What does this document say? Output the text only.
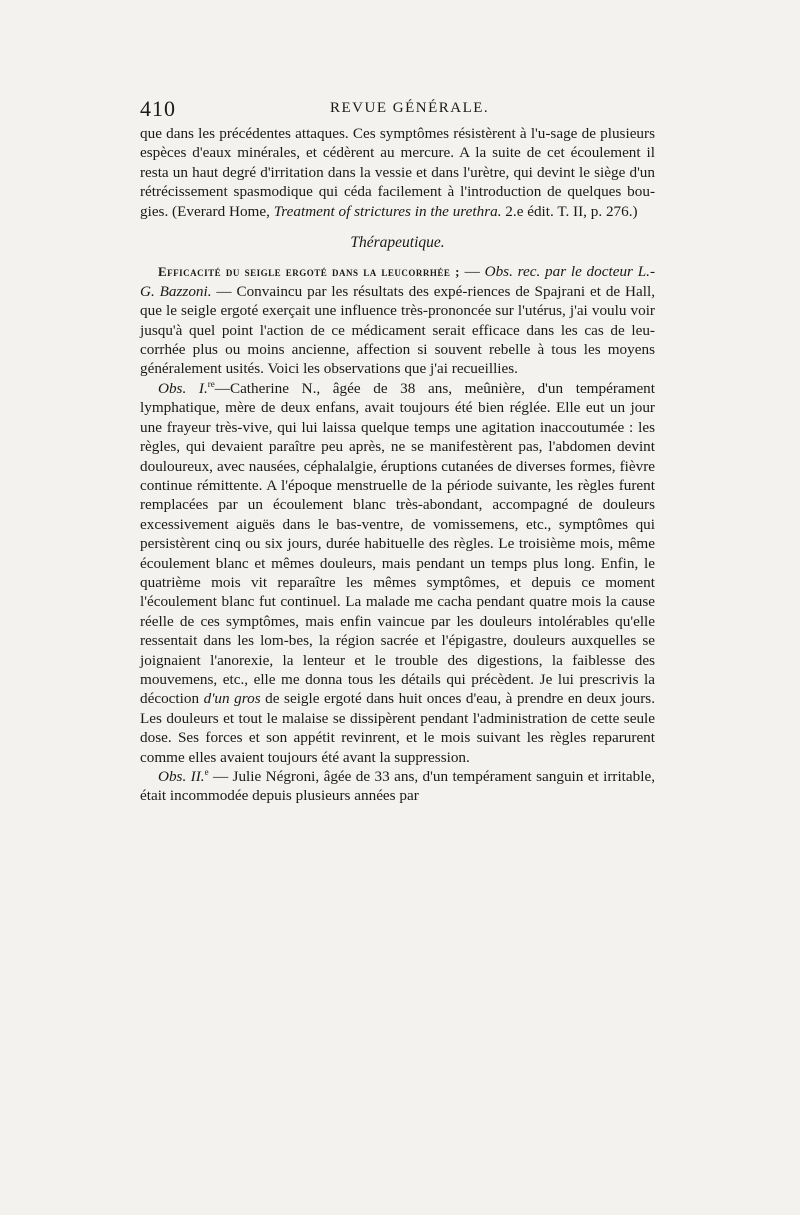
410	REVUE GÉNÉRALE.

que dans les précédentes attaques. Ces symptômes résistèrent à l'u-sage de plusieurs espèces d'eaux minérales, et cédèrent au mercure. A la suite de cet écoulement il resta un haut degré d'irritation dans la vessie et dans l'urètre, qui devint le siège d'un rétrécissement spasmodique qui céda facilement à l'introduction de quelques bou-gies. (Everard Home, Treatment of strictures in the urethra. 2.e édit. T. II, p. 276.)

Thérapeutique.

Efficacité du seigle ergoté dans la leucorrhée ; — Obs. rec. par le docteur L.-G. Bazzoni. — Convaincu par les résultats des expé-riences de Spajrani et de Hall, que le seigle ergoté exerçait une influence très-prononcée sur l'utérus, j'ai voulu voir jusqu'à quel point l'action de ce médicament serait efficace dans les cas de leu-corrhée plus ou moins ancienne, affection si souvent rebelle à tous les moyens généralement usités. Voici les observations que j'ai recueillies.

Obs. I.$^{re}$—Catherine N., âgée de 38 ans, meûnière, d'un tempérament lymphatique, mère de deux enfans, avait toujours été bien réglée. Elle eut un jour une frayeur très-vive, qui lui laissa quelque temps une agitation inaccoutumée : les règles, qui devaient paraître peu après, ne se manifestèrent pas, l'abdomen devint douloureux, avec nausées, céphalalgie, éruptions cutanées de diverses formes, fièvre continue rémittente. A l'époque menstruelle de la période suivante, les règles furent remplacées par un écoulement blanc très-abondant, accompagné de douleurs excessivement aiguës dans le bas-ventre, de vomissemens, etc., symptômes qui persistèrent cinq ou six jours, durée habituelle des règles. Le troisième mois, même écoulement blanc et mêmes douleurs, mais pendant un temps plus long. Enfin, le quatrième mois vit reparaître les mêmes symptômes, et depuis ce moment l'écoulement blanc fut continuel. La malade me cacha pendant quatre mois la cause réelle de ces symptômes, mais enfin vaincue par les douleurs intolérables qu'elle ressentait dans les lom-bes, la région sacrée et l'épigastre, douleurs auxquelles se joignaient l'anorexie, la lenteur et le trouble des digestions, la faiblesse des mouvemens, etc., elle me donna tous les détails qui précèdent. Je lui prescrivis la décoction d'un gros de seigle ergoté dans huit onces d'eau, à prendre en deux jours. Les douleurs et tout le malaise se dissipèrent pendant l'administration de cette seule dose. Ses forces et son appétit revinrent, et le mois suivant les règles reparurent comme elles avaient toujours été avant la suppression.

Obs. II.$^e$ — Julie Négroni, âgée de 33 ans, d'un tempérament sanguin et irritable, était incommodée depuis plusieurs années par
